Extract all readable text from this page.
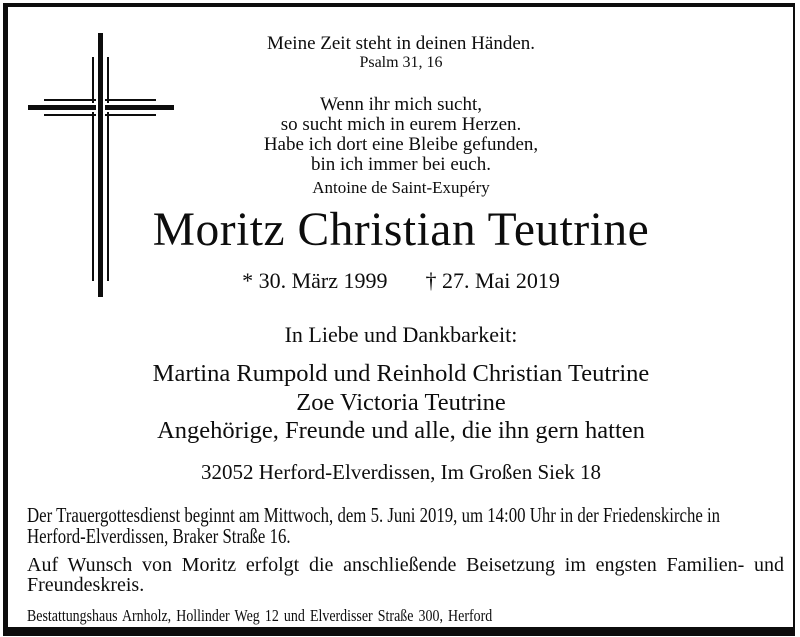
Meine Zeit steht in deinen Händen.
Psalm 31, 16
Wenn ihr mich sucht,
so sucht mich in eurem Herzen.
Habe ich dort eine Bleibe gefunden,
bin ich immer bei euch.
Antoine de Saint-Exupéry
Moritz Christian Teutrine
* 30. März 1999 † 27. Mai 2019
In Liebe und Dankbarkeit:
Martina Rumpold und Reinhold Christian Teutrine
Zoe Victoria Teutrine
Angehörige, Freunde und alle, die ihn gern hatten
32052 Herford-Elverdissen, Im Großen Siek 18
Der Trauergottesdienst beginnt am Mittwoch, dem 5. Juni 2019, um 14:00 Uhr in der Friedenskirche in
Herford-Elverdissen, Braker Straße 16.
Auf Wunsch von Moritz erfolgt die anschließende Beisetzung im engsten Familien- und
Freundeskreis.
Bestattungshaus Arnholz, Hollinder Weg 12 und Elverdisser Straße 300, Herford
